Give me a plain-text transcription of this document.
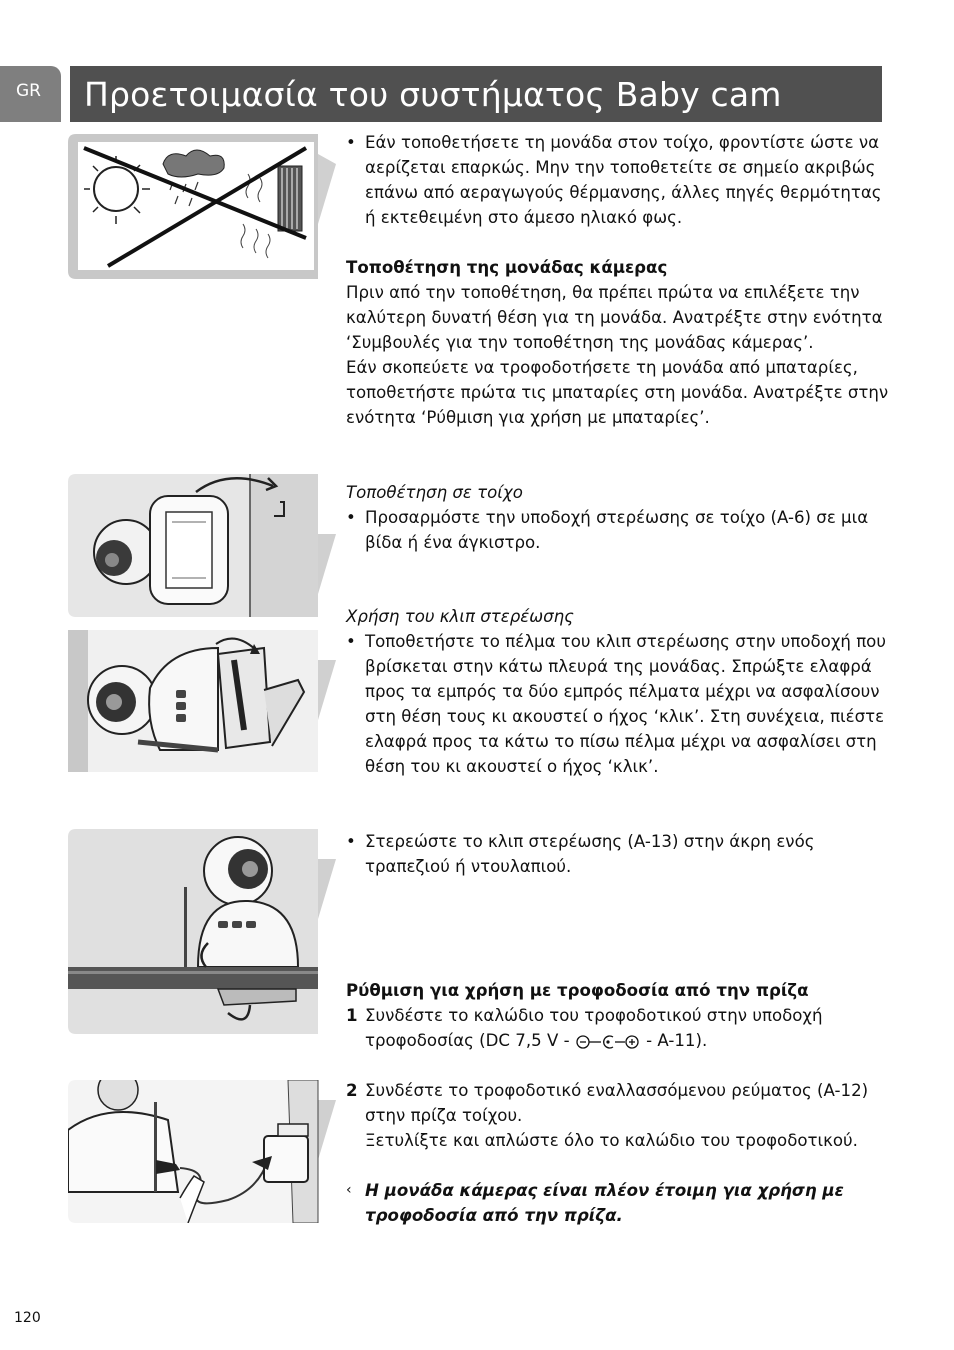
GR	Προετοιμασία του συστήματος Baby cam

• Εάν τοποθετήσετε τη μονάδα στον τοίχο, φροντίστε ώστε να αερίζεται επαρκώς. Μην την τοποθετείτε σε σημείο ακριβώς επάνω από αεραγωγούς θέρμανσης, άλλες πηγές θερμότητας ή εκτεθειμένη στο άμεσο ηλιακό φως.

Τοποθέτηση της μονάδας κάμερας

Πριν από την τοποθέτηση, θα πρέπει πρώτα να επιλέξετε την καλύτερη δυνατή θέση για τη μονάδα. Ανατρέξτε στην ενότητα ‘Συμβουλές για την τοποθέτηση της μονάδας κάμερας’.

Εάν σκοπεύετε να τροφοδοτήσετε τη μονάδα από μπαταρίες, τοποθετήστε πρώτα τις μπαταρίες στη μονάδα. Ανατρέξτε στην ενότητα ‘Ρύθμιση για χρήση με μπαταρίες’.

Τοποθέτηση σε τοίχο

• Προσαρμόστε την υποδοχή στερέωσης σε τοίχο (A-6) σε μια βίδα ή ένα άγκιστρο.

Χρήση του κλιπ στερέωσης

• Τοποθετήστε το πέλμα του κλιπ στερέωσης στην υποδοχή που βρίσκεται στην κάτω πλευρά της μονάδας. Σπρώξτε ελαφρά προς τα εμπρός τα δύο εμπρός πέλματα μέχρι να ασφαλίσουν στη θέση τους κι ακουστεί ο ήχος ‘κλικ’. Στη συνέχεια, πιέστε ελαφρά προς τα κάτω το πίσω πέλμα μέχρι να ασφαλίσει στη θέση του κι ακουστεί ο ήχος ‘κλικ’.

• Στερεώστε το κλιπ στερέωσης (A-13) στην άκρη ενός τραπεζιού ή ντουλαπιού.

Ρύθμιση για χρήση με τροφοδοσία από την πρίζα

1 Συνδέστε το καλώδιο του τροφοδοτικού στην υποδοχή τροφοδοσίας (DC 7,5 V -	- A-11).

2 Συνδέστε το τροφοδοτικό εναλλασσόμενου ρεύματος (A-12) στην πρίζα τοίχου.
Ξετυλίξτε και απλώστε όλο το καλώδιο του τροφοδοτικού.

‹ Η μονάδα κάμερας είναι πλέον έτοιμη για χρήση με τροφοδοσία από την πρίζα.

120
